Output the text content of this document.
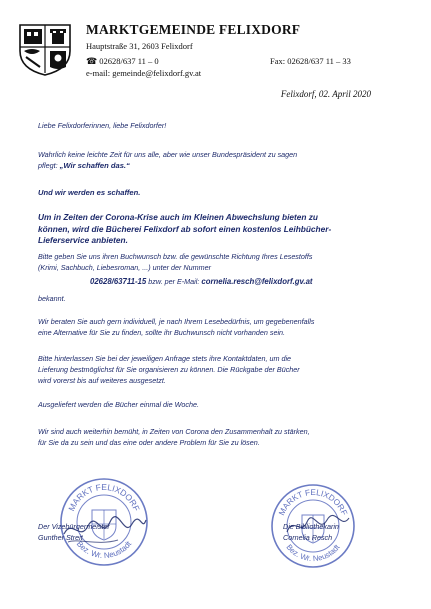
MARKTGEMEINDE FELIXDORF
Hauptstraße 31, 2603 Felixdorf
☎ 02628/637 11 – 0	Fax: 02628/637 11 – 33
e-mail: gemeinde@felixdorf.gv.at
Felixdorf, 02. April 2020
Liebe Felixdorferinnen, liebe Felixdorfer!
Wahrlich keine leichte Zeit für uns alle, aber wie unser Bundespräsident zu sagen
pflegt: „Wir schaffen das.“
Und wir werden es schaffen.
Um in Zeiten der Corona-Krise auch im Kleinen Abwechslung bieten zu
können, wird die Bücherei Felixdorf ab sofort einen kostenlos Leihbücher-
Lieferservice anbieten.
Bitte geben Sie uns ihren Buchwunsch bzw. die gewünschte Richtung Ihres Lesestoffs
(Krimi, Sachbuch, Liebesroman, ...) unter der Nummer
02628/63711-15 bzw. per E-Mail: cornelia.resch@felixdorf.gv.at
bekannt.
Wir beraten Sie auch gern individuell, je nach Ihrem Lesebedürfnis, um gegebenenfalls
eine Alternative für Sie zu finden, sollte ihr Buchwunsch nicht vorhanden sein.
Bitte hinterlassen Sie bei der jeweiligen Anfrage stets ihre Kontaktdaten, um die
Lieferung bestmöglichst für Sie organisieren zu können. Die Rückgabe der Bücher
wird vorerst bis auf weiteres ausgesetzt.
Ausgeliefert werden die Bücher einmal die Woche.
Wir sind auch weiterhin bemüht, in Zeiten von Corona den Zusammenhalt zu stärken,
für Sie da zu sein und das eine oder andere Problem für Sie zu lösen.
MARKT FELIXDORF
Bez. Wr. Neustadt
MARKT FELIXDORF
Bez. Wr. Neustadt
Der Vizebürgermeister
Gunther Streit
Die Bibliothekarin
Cornelia Resch
